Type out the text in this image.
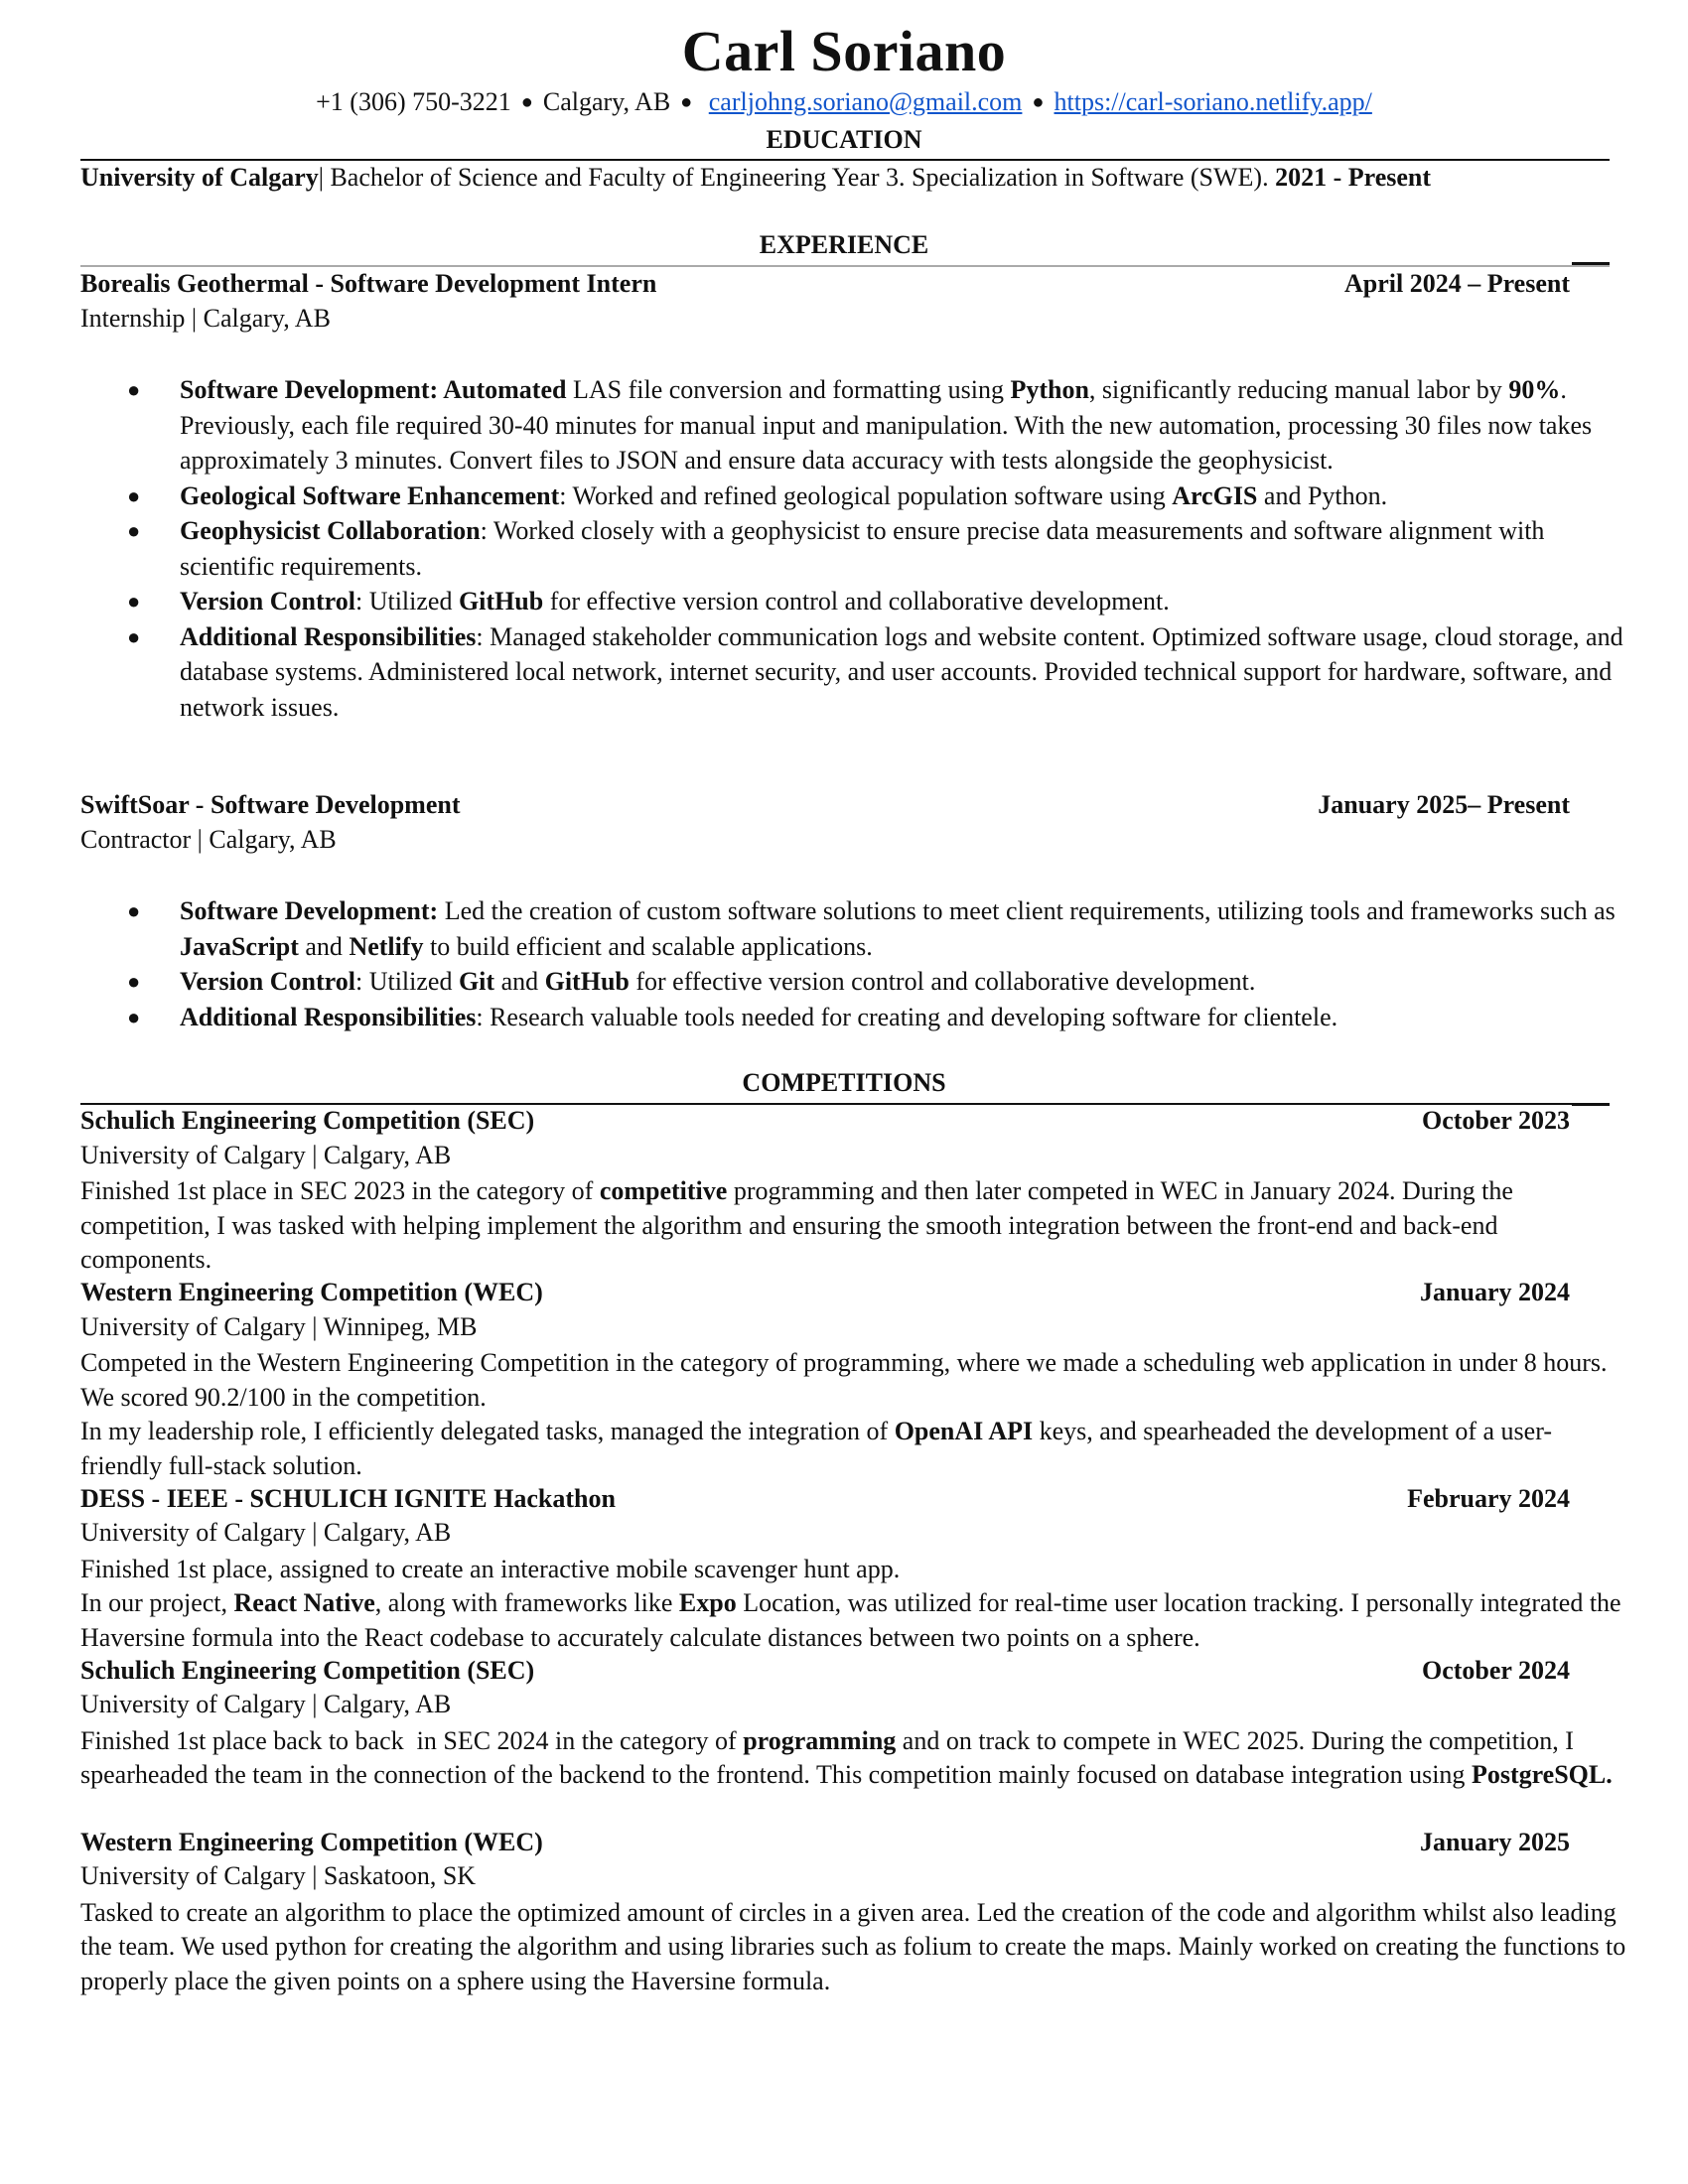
Carl Soriano
+1 (306) 750-3221 ● Calgary, AB ● carljohng.soriano@gmail.com ● https://carl-soriano.netlify.app/
EDUCATION
University of Calgary| Bachelor of Science and Faculty of Engineering Year 3. Specialization in Software (SWE). 2021 - Present
EXPERIENCE
Borealis Geothermal - Software Development Intern	April 2024 – Present
Internship | Calgary, AB
● Software Development: Automated LAS file conversion and formatting using Python, significantly reducing manual labor by 90%. Previously, each file required 30-40 minutes for manual input and manipulation. With the new automation, processing 30 files now takes approximately 3 minutes. Convert files to JSON and ensure data accuracy with tests alongside the geophysicist.
● Geological Software Enhancement: Worked and refined geological population software using ArcGIS and Python.
● Geophysicist Collaboration: Worked closely with a geophysicist to ensure precise data measurements and software alignment with scientific requirements.
● Version Control: Utilized GitHub for effective version control and collaborative development.
● Additional Responsibilities: Managed stakeholder communication logs and website content. Optimized software usage, cloud storage, and database systems. Administered local network, internet security, and user accounts. Provided technical support for hardware, software, and network issues.
SwiftSoar - Software Development	January 2025– Present
Contractor | Calgary, AB
● Software Development: Led the creation of custom software solutions to meet client requirements, utilizing tools and frameworks such as JavaScript and Netlify to build efficient and scalable applications.
● Version Control: Utilized Git and GitHub for effective version control and collaborative development.
● Additional Responsibilities: Research valuable tools needed for creating and developing software for clientele.
COMPETITIONS
Schulich Engineering Competition (SEC)	October 2023
University of Calgary | Calgary, AB
Finished 1st place in SEC 2023 in the category of competitive programming and then later competed in WEC in January 2024. During the competition, I was tasked with helping implement the algorithm and ensuring the smooth integration between the front-end and back-end components.
Western Engineering Competition (WEC)	January 2024
University of Calgary | Winnipeg, MB
Competed in the Western Engineering Competition in the category of programming, where we made a scheduling web application in under 8 hours. We scored 90.2/100 in the competition.
In my leadership role, I efficiently delegated tasks, managed the integration of OpenAI API keys, and spearheaded the development of a user-friendly full-stack solution.
DESS - IEEE - SCHULICH IGNITE Hackathon	February 2024
University of Calgary | Calgary, AB
Finished 1st place, assigned to create an interactive mobile scavenger hunt app.
In our project, React Native, along with frameworks like Expo Location, was utilized for real-time user location tracking. I personally integrated the Haversine formula into the React codebase to accurately calculate distances between two points on a sphere.
Schulich Engineering Competition (SEC)	October 2024
University of Calgary | Calgary, AB
Finished 1st place back to back  in SEC 2024 in the category of programming and on track to compete in WEC 2025. During the competition, I spearheaded the team in the connection of the backend to the frontend. This competition mainly focused on database integration using PostgreSQL.
Western Engineering Competition (WEC)	January 2025
University of Calgary | Saskatoon, SK
Tasked to create an algorithm to place the optimized amount of circles in a given area. Led the creation of the code and algorithm whilst also leading the team. We used python for creating the algorithm and using libraries such as folium to create the maps. Mainly worked on creating the functions to properly place the given points on a sphere using the Haversine formula.
